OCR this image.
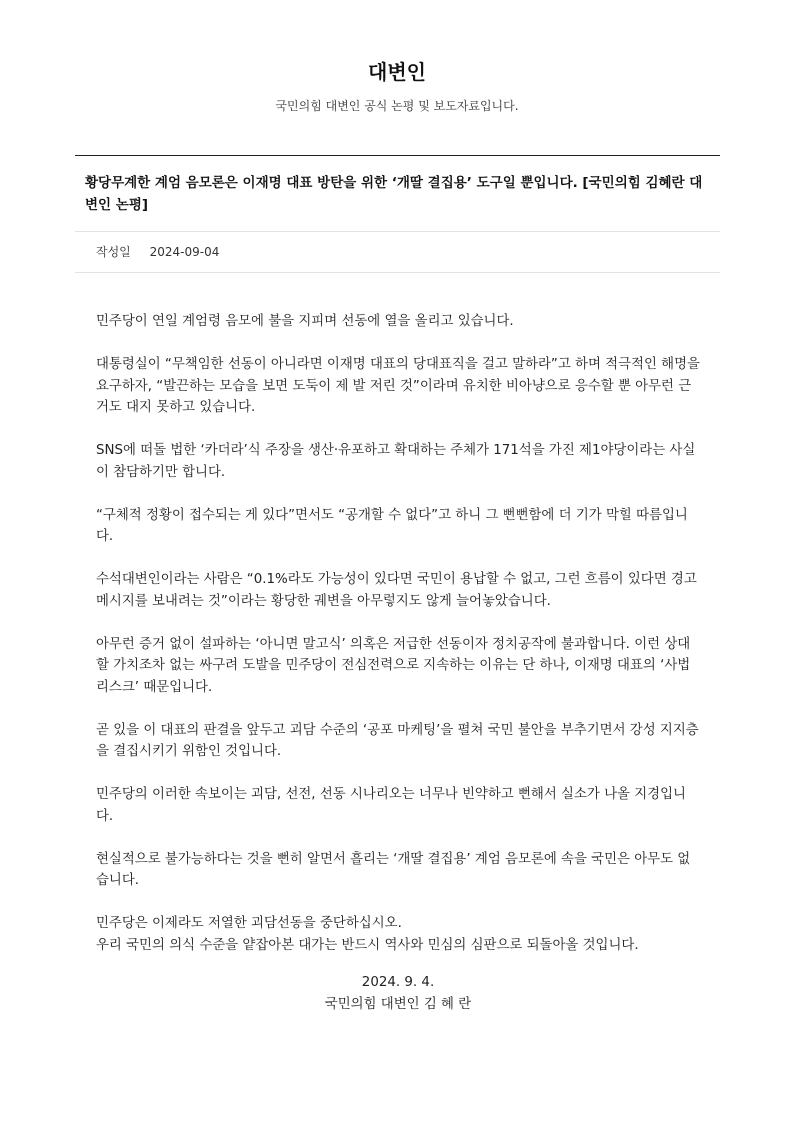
대변인

국민의힘 대변인 공식 논평 및 보도자료입니다.

황당무계한 계엄 음모론은 이재명 대표 방탄을 위한 ‘개딸 결집용’ 도구일 뿐입니다. [국민의힘 김혜란 대변인 논평]
작성일 2024-09-04

민주당이 연일 계엄령 음모에 불을 지피며 선동에 열을 올리고 있습니다.

대통령실이 “무책임한 선동이 아니라면 이재명 대표의 당대표직을 걸고 말하라”고 하며 적극적인 해명을 요구하자, “발끈하는 모습을 보면 도둑이 제 발 저린 것”이라며 유치한 비아냥으로 응수할 뿐 아무런 근거도 대지 못하고 있습니다.

SNS에 떠돌 법한 ‘카더라’식 주장을 생산·유포하고 확대하는 주체가 171석을 가진 제1야당이라는 사실이 참담하기만 합니다.

“구체적 정황이 접수되는 게 있다”면서도 “공개할 수 없다”고 하니 그 뻔뻔함에 더 기가 막힐 따름입니다.

수석대변인이라는 사람은 “0.1%라도 가능성이 있다면 국민이 용납할 수 없고, 그런 흐름이 있다면 경고 메시지를 보내려는 것”이라는 황당한 궤변을 아무렇지도 않게 늘어놓았습니다.

아무런 증거 없이 설파하는 ‘아니면 말고식’ 의혹은 저급한 선동이자 정치공작에 불과합니다. 이런 상대할 가치조차 없는 싸구려 도발을 민주당이 전심전력으로 지속하는 이유는 단 하나, 이재명 대표의 ‘사법리스크’ 때문입니다.

곧 있을 이 대표의 판결을 앞두고 괴담 수준의 ‘공포 마케팅’을 펼쳐 국민 불안을 부추기면서 강성 지지층을 결집시키기 위함인 것입니다.

민주당의 이러한 속보이는 괴담, 선전, 선동 시나리오는 너무나 빈약하고 뻔해서 실소가 나올 지경입니다.

현실적으로 불가능하다는 것을 뻔히 알면서 흘리는 ‘개딸 결집용’ 계엄 음모론에 속을 국민은 아무도 없습니다.

민주당은 이제라도 저열한 괴담선동을 중단하십시오.
우리 국민의 의식 수준을 얕잡아본 대가는 반드시 역사와 민심의 심판으로 되돌아올 것입니다.

2024. 9. 4.
국민의힘 대변인 김 혜 란
